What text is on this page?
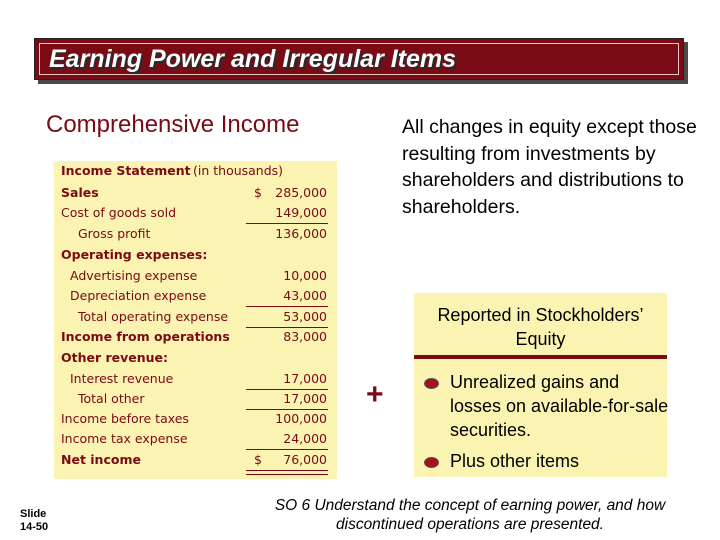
Earning Power and Irregular Items
Comprehensive Income	All changes in equity except those resulting from investments by shareholders and distributions to shareholders.
Income Statement (in thousands)
Sales	$ 285,000
Cost of goods sold	149,000
Gross profit	136,000
Operating expenses:
Advertising expense	10,000
Depreciation expense	43,000
Total operating expense	53,000
Income from operations	83,000
Other revenue:
Interest revenue	17,000
Total other	17,000
Income before taxes	100,000
Income tax expense	24,000
Net income	$ 76,000
+
Reported in Stockholders’ Equity
Unrealized gains and losses on available-for-sale securities.
Plus other items
Slide
14-50
SO 6 Understand the concept of earning power, and how
discontinued operations are presented.
